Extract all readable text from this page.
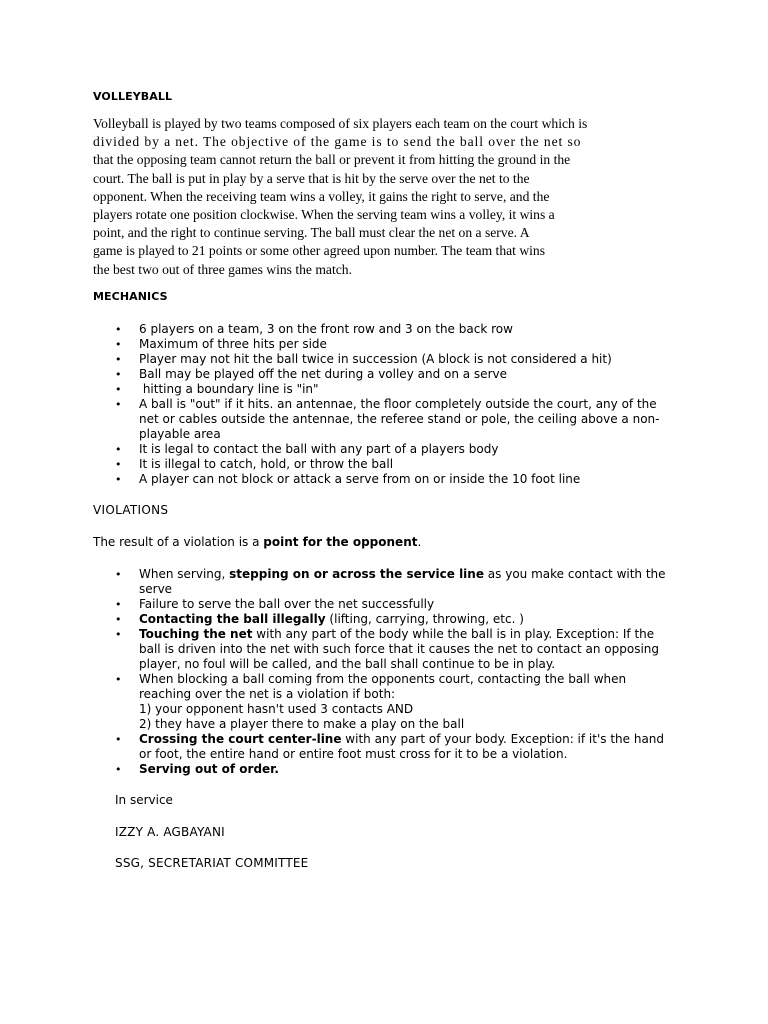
VOLLEYBALL
Volleyball is played by two teams composed of six players each team on the court which is
divided by a net. The objective of the game is to send the ball over the net so
that the opposing team cannot return the ball or prevent it from hitting the ground in the
court. The ball is put in play by a serve that is hit by the serve over the net to the
opponent. When the receiving team wins a volley, it gains the right to serve, and the
players rotate one position clockwise. When the serving team wins a volley, it wins a
point, and the right to continue serving. The ball must clear the net on a serve. A
game is played to 21 points or some other agreed upon number. The team that wins
the best two out of three games wins the match.
MECHANICS
• 6 players on a team, 3 on the front row and 3 on the back row
• Maximum of three hits per side
• Player may not hit the ball twice in succession (A block is not considered a hit)
• Ball may be played off the net during a volley and on a serve
•  hitting a boundary line is "in"
• A ball is "out" if it hits. an antennae, the floor completely outside the court, any of the net or cables outside the antennae, the referee stand or pole, the ceiling above a non-playable area
• It is legal to contact the ball with any part of a players body
• It is illegal to catch, hold, or throw the ball
• A player can not block or attack a serve from on or inside the 10 foot line
VIOLATIONS
The result of a violation is a point for the opponent.
• When serving, stepping on or across the service line as you make contact with the serve
• Failure to serve the ball over the net successfully
• Contacting the ball illegally (lifting, carrying, throwing, etc. )
• Touching the net with any part of the body while the ball is in play. Exception: If the ball is driven into the net with such force that it causes the net to contact an opposing player, no foul will be called, and the ball shall continue to be in play.
• When blocking a ball coming from the opponents court, contacting the ball when reaching over the net is a violation if both:
1) your opponent hasn't used 3 contacts AND
2) they have a player there to make a play on the ball
• Crossing the court center-line with any part of your body. Exception: if it's the hand or foot, the entire hand or entire foot must cross for it to be a violation.
• Serving out of order.
In service
IZZY A. AGBAYANI
SSG, SECRETARIAT COMMITTEE
